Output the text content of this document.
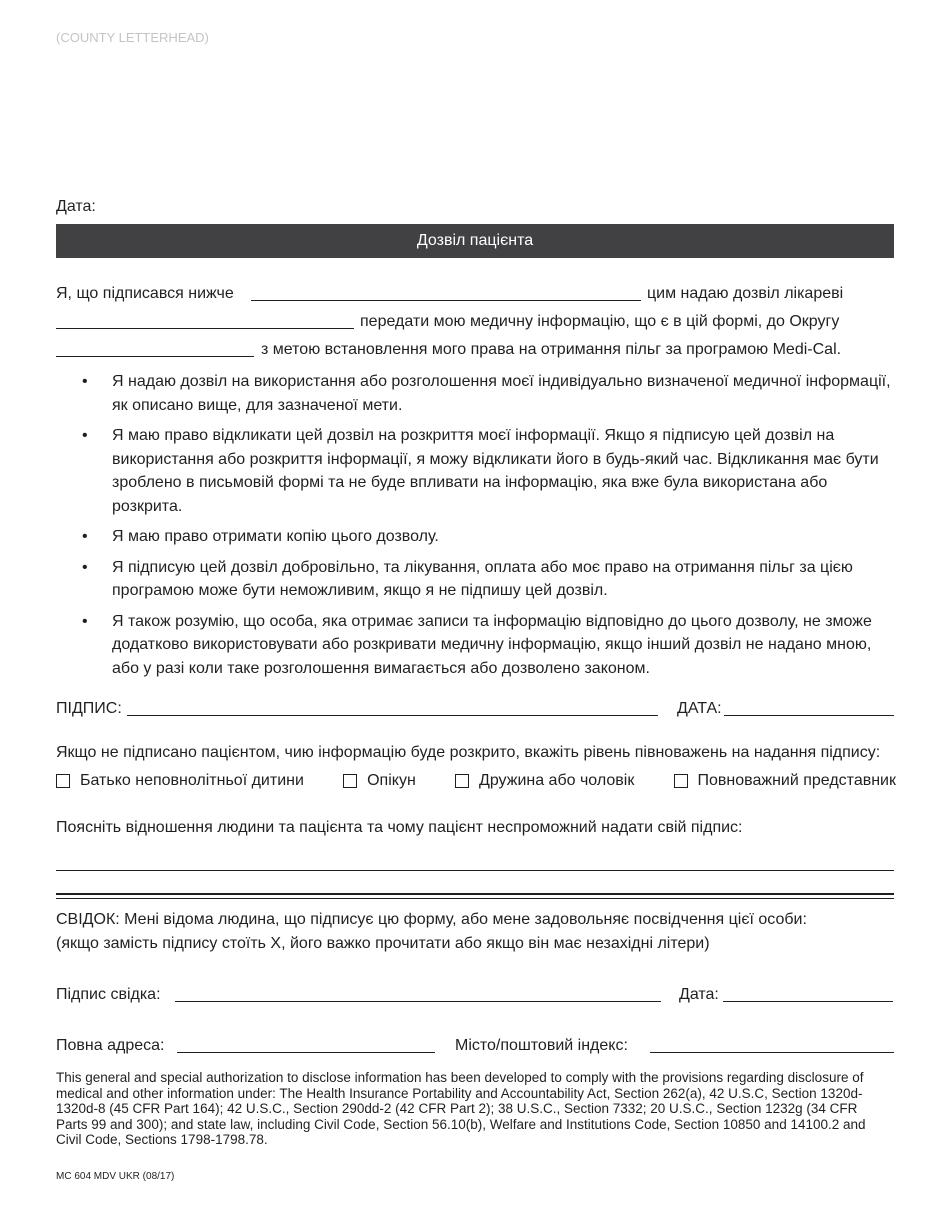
(COUNTY LETTERHEAD)
Дата:
Дозвіл пацієнта
Я, що підписався нижче	цим надаю дозвіл лікареві
передати мою медичну інформацію, що є в цій формі, до Округу
з метою встановлення мого права на отримання пільг за програмою Medi-Cal.
• Я надаю дозвіл на використання або розголошення моєї індивідуально визначеної медичної інформації, як описано вище, для зазначеної мети.
• Я маю право відкликати цей дозвіл на розкриття моєї інформації. Якщо я підписую цей дозвіл на використання або розкриття інформації, я можу відкликати його в будь-який час. Відкликання має бути зроблено в письмовій формі та не буде впливати на інформацію, яка вже була використана або розкрита.
• Я маю право отримати копію цього дозволу.
• Я підписую цей дозвіл добровільно, та лікування, оплата або моє право на отримання пільг за цією програмою може бути неможливим, якщо я не підпишу цей дозвіл.
• Я також розумію, що особа, яка отримає записи та інформацію відповідно до цього дозволу, не зможе додатково використовувати або розкривати медичну інформацію, якщо інший дозвіл не надано мною, або у разі коли таке розголошення вимагається або дозволено законом.
ПІДПИС:	ДАТА:
Якщо не підписано пацієнтом, чию інформацію буде розкрито, вкажіть рівень півноважень на надання підпису:
Батько неповнолітньої дитини	Опікун	Дружина або чоловік	Повноважний представник
Поясніть відношення людини та пацієнта та чому пацієнт неспроможний надати свій підпис:
СВІДОК: Мені відома людина, що підписує цю форму, або мене задовольняє посвідчення цієї особи:
(якщо замість підпису стоїть Х, його важко прочитати або якщо він має незахідні літери)
Підпис свідка:	Дата:
Повна адреса:	Місто/поштовий індекс:
This general and special authorization to disclose information has been developed to comply with the provisions regarding disclosure of medical and other information under: The Health Insurance Portability and Accountability Act, Section 262(a), 42 U.S.C, Section 1320d-1320d-8 (45 CFR Part 164); 42 U.S.C., Section 290dd-2 (42 CFR Part 2); 38 U.S.C., Section 7332; 20 U.S.C., Section 1232g (34 CFR Parts 99 and 300); and state law, including Civil Code, Section 56.10(b), Welfare and Institutions Code, Section 10850 and 14100.2 and Civil Code, Sections 1798-1798.78.
MC 604 MDV UKR (08/17)
